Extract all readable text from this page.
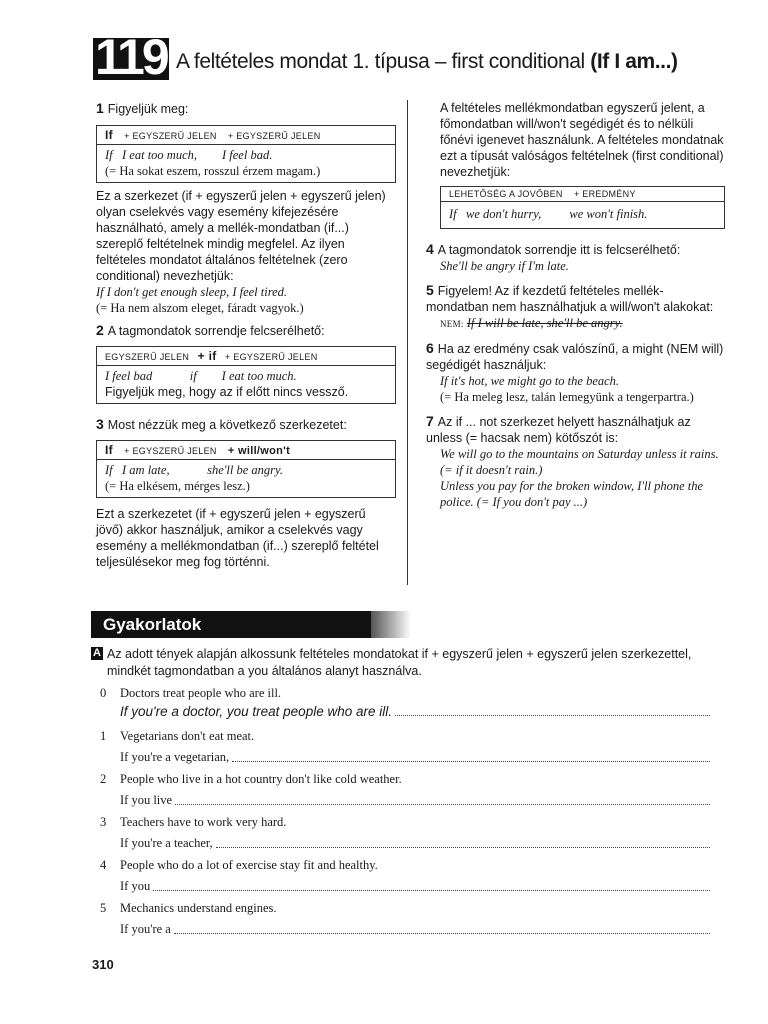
119 A feltételes mondat 1. típusa – first conditional (If I am...)
1 Figyeljük meg:
If + EGYSZERŰ JELEN + EGYSZERŰ JELEN
If I eat too much, I feel bad.
(= Ha sokat eszem, rosszul érzem magam.)
Ez a szerkezet (if + egyszerű jelen + egyszerű jelen) olyan cselekvés vagy esemény kifejezésére használható, amely a mellék-mondatban (if...) szereplő feltételnek mindig megfelel. Az ilyen feltételes mondatot általános feltételnek (zero conditional) nevezhetjük:
If I don't get enough sleep, I feel tired.
(= Ha nem alszom eleget, fáradt vagyok.)
2 A tagmondatok sorrendje felcserélhető:
EGYSZERŰ JELEN + if + EGYSZERŰ JELEN
I feel bad	if I eat too much.
Figyeljük meg, hogy az if előtt nincs vessző.
3 Most nézzük meg a következő szerkezetet:
If + EGYSZERŰ JELEN + will/won't
If I am late,	she'll be angry.
(= Ha elkésem, mérges lesz.)
Ezt a szerkezetet (if + egyszerű jelen + egyszerű jövő) akkor használjuk, amikor a cselekvés vagy esemény a mellékmondatban (if...) szereplő feltétel teljesülésekor meg fog történni.
A feltételes mellékmondatban egyszerű jelent, a főmondatban will/won't segédigét és to nélküli főnévi igenevet használunk. A feltételes mondatnak ezt a típusát valóságos feltételnek (first conditional) nevezhetjük:
LEHETŐSÉG A JOVŐBEN + EREDMÉNY
If we don't hurry, we won't finish.
4 A tagmondatok sorrendje itt is felcserélhető:
She'll be angry if I'm late.
5 Figyelem! Az if kezdetű feltételes mellék-mondatban nem használhatjuk a will/won't alakokat:
NEM: If I will be late, she'll be angry.
6 Ha az eredmény csak valószínű, a might (NEM will) segédigét használjuk:
If it's hot, we might go to the beach.
(= Ha meleg lesz, talán lemegyünk a tengerpartra.)
7 Az if ... not szerkezet helyett használhatjuk az unless (= hacsak nem) kötőszót is:
We will go to the mountains on Saturday unless it rains. (= if it doesn't rain.)
Unless you pay for the broken window, I'll phone the police. (= If you don't pay ...)
Gyakorlatok
A Az adott tények alapján alkossunk feltételes mondatokat if + egyszerű jelen + egyszerű jelen szerkezettel, mindkét tagmondatban a you általános alanyt használva.
0 Doctors treat people who are ill.
If you're a doctor, you treat people who are ill.
1 Vegetarians don't eat meat.
If you're a vegetarian,
2 People who live in a hot country don't like cold weather.
If you live
3 Teachers have to work very hard.
If you're a teacher,
4 People who do a lot of exercise stay fit and healthy.
If you
5 Mechanics understand engines.
If you're a
310
